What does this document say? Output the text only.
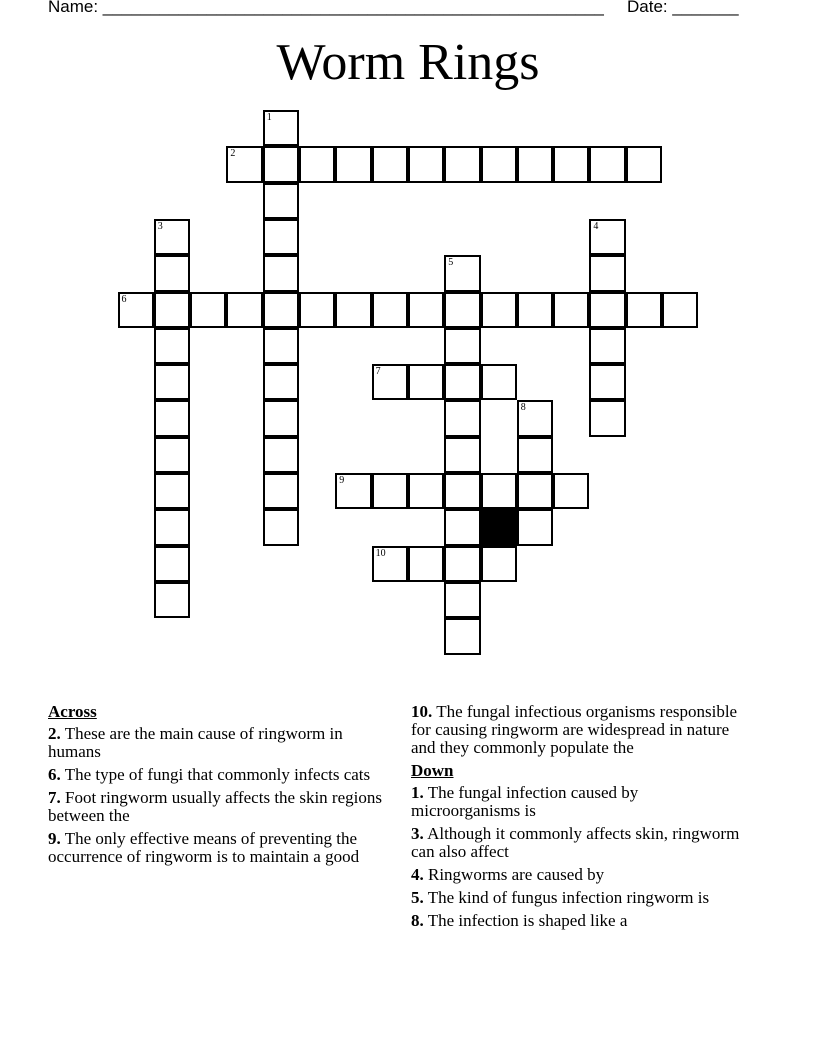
Name: _____________________________________________________ Date: _______
Worm Rings
2
6
7
9
10
1
3	4
5
8
Across
2. These are the main cause of ringworm in humans
6. The type of fungi that commonly infects cats
7. Foot ringworm usually affects the skin regions between the
9. The only effective means of preventing the occurrence of ringworm is to maintain a good
10. The fungal infectious organisms responsible for causing ringworm are widespread in nature and they commonly populate the
Down
1. The fungal infection caused by microorganisms is
3. Although it commonly affects skin, ringworm can also affect
4. Ringworms are caused by
5. The kind of fungus infection ringworm is
8. The infection is shaped like a
